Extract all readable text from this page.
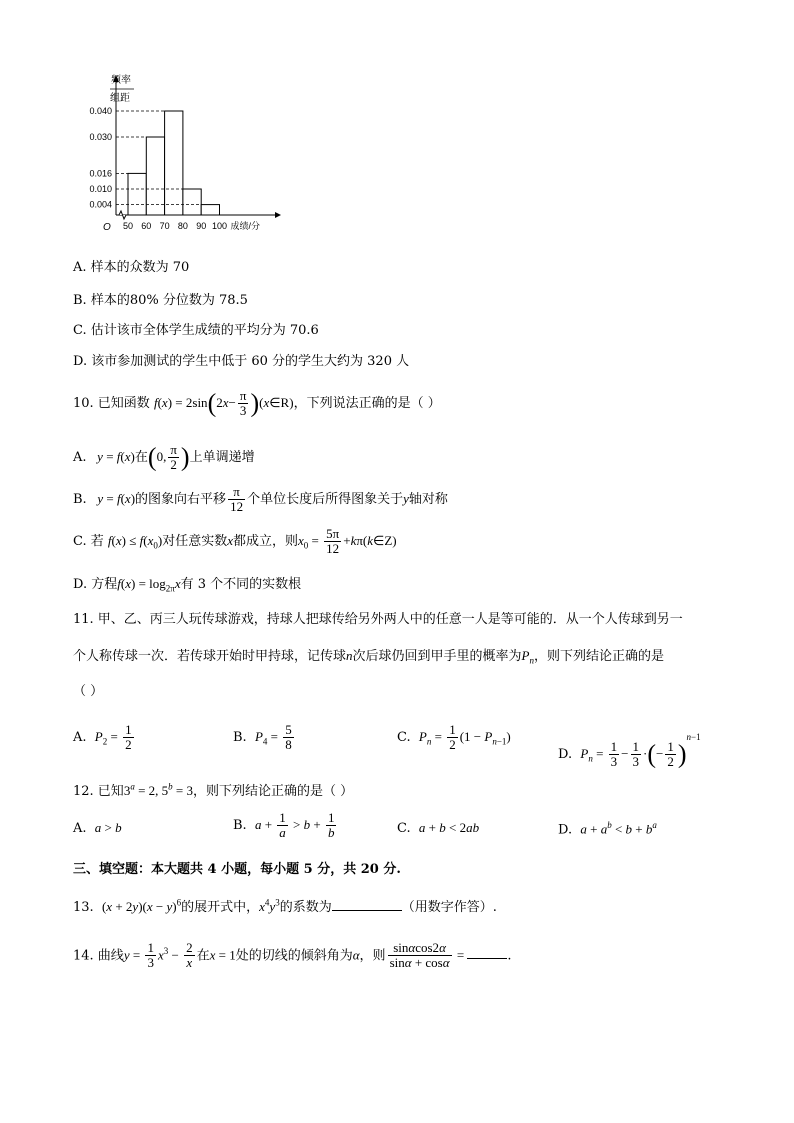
0.040
0.030
0.016
0.010
0.004
50 60 70 80 90 100
O	成绩/分
频率
组距
A. 样本的众数为 70
B. 样本的80% 分位数为 78.5
C. 估计该市全体学生成绩的平均分为 70.6
D. 该市参加测试的学生中低于 60 分的学生大约为 320 人
10. 已知函数 $f(x) = 2\sin(2x- \frac{\pi}{3}$ )(x∈R)，下列说法正确的是（ ）
A.   y = f(x)在(0, $\frac{\pi}{2}$ )上单调递增
B.   y = f(x)的图象向右平移 $\frac{\pi}{12}$ 个单位长度后所得图象关于y轴对称
C. 若 $f(x) \le f(x_0)$对任意实数x都成立，则$x_0 = \frac{5\pi}{12}$ +kπ(k∈Z)
D. 方程$f(x) = \log_{2\pi}x$有 3 个不同的实数根
11. 甲、乙、丙三人玩传球游戏，持球人把球传给另外两人中的任意一人是等可能的．从一个人传球到另一
个人称传球一次．若传球开始时甲持球，记传球n次后球仍回到甲手里的概率为$P_n$，则下列结论正确的是
（ ）
A. $P_2 = \frac{1}{2}$	B. $P_4 = \frac{5}{8}$	C. $P_n = \frac{1}{2} (1 - P_{n-1})$
D. $P_n = \frac{1}{3} - \frac{1}{3}$ ·(− $\frac{1}{2} )^{n-1}$
12. 已知$3^a = 2$, $5^b = 3$，则下列结论正确的是（ ）
A. a > b	B. $a + \frac{1}{a} > b + \frac{1}{b}$	C. a + b < 2ab	D. $a + a^b < b + b^a$
三、填空题：本大题共 4 小题，每小题 5 分，共 20 分.
13. $(x + 2y)(x - y)^6$的展开式中，$x^4y^3$的系数为	（用数字作答）.
14. 曲线$y = \frac{1}{3} x^3 - \frac{2}{x}$ 在x = 1处的切线的倾斜角为α，则 $\frac{\sin\alpha\cos 2\alpha}{\sin\alpha + \cos\alpha}$ =	.
